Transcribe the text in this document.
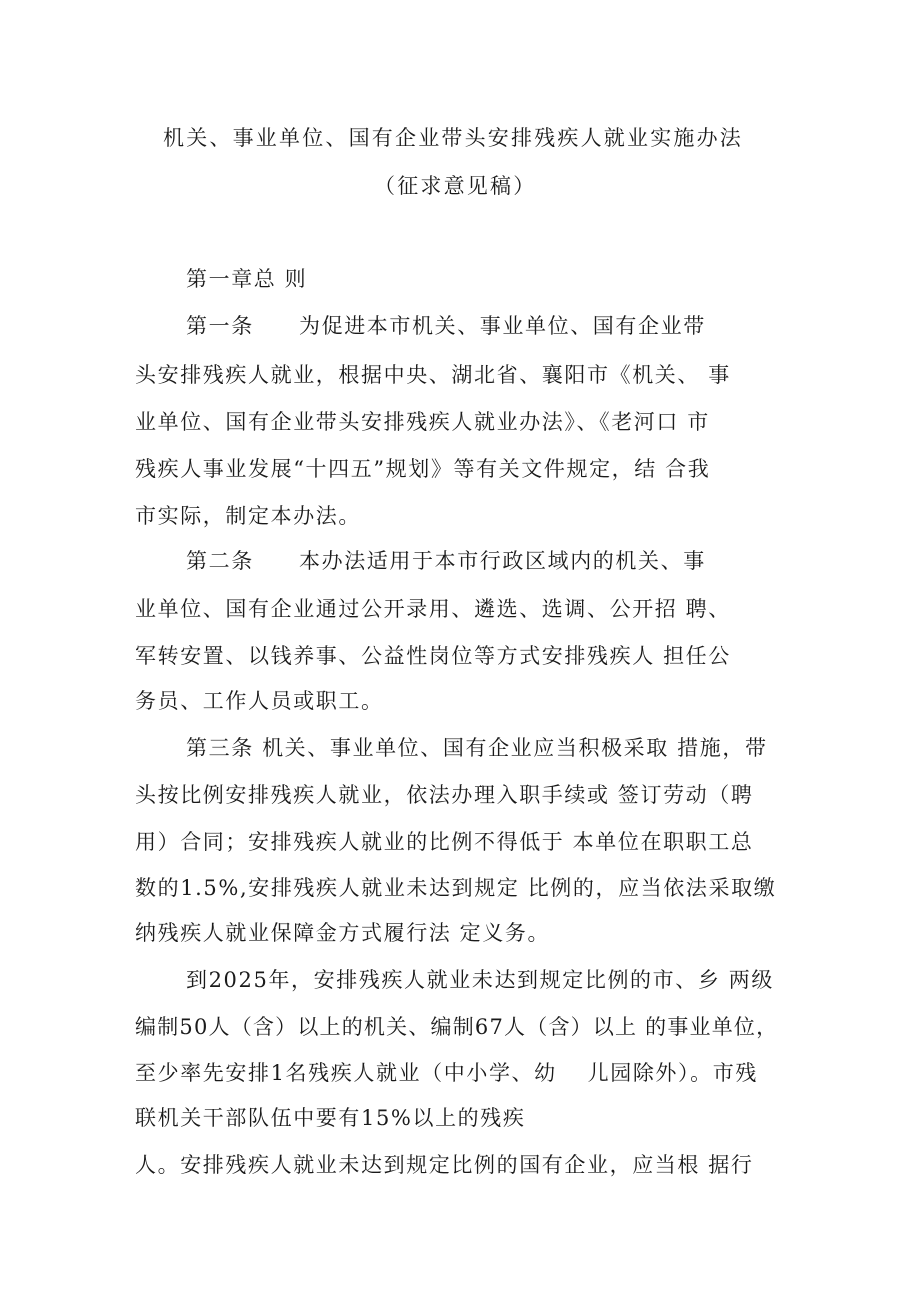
机关、事业单位、国有企业带头安排残疾人就业实施办法
（征求意见稿）
第一章总 则
第一条　　为促进本市机关、事业单位、国有企业带
头安排残疾人就业，根据中央、湖北省、襄阳市《机关、 事
业单位、国有企业带头安排残疾人就业办法》、《老河口 市
残疾人事业发展“十四五”规划》等有关文件规定，结 合我
市实际，制定本办法。
第二条　　本办法适用于本市行政区域内的机关、事
业单位、国有企业通过公开录用、遴选、选调、公开招 聘、
军转安置、以钱养事、公益性岗位等方式安排残疾人 担任公
务员、工作人员或职工。
第三条 机关、事业单位、国有企业应当积极采取 措施，带
头按比例安排残疾人就业，依法办理入职手续或 签订劳动（聘
用）合同；安排残疾人就业的比例不得低于 本单位在职职工总
数的1.5%,安排残疾人就业未达到规定 比例的，应当依法采取缴
纳残疾人就业保障金方式履行法 定义务。
到2025年，安排残疾人就业未达到规定比例的市、乡 两级
编制50人（含）以上的机关、编制67人（含）以上 的事业单位，
至少率先安排1名残疾人就业（中小学、幼　 儿园除外）。市残
联机关干部队伍中要有15%以上的残疾
人。安排残疾人就业未达到规定比例的国有企业，应当根 据行
